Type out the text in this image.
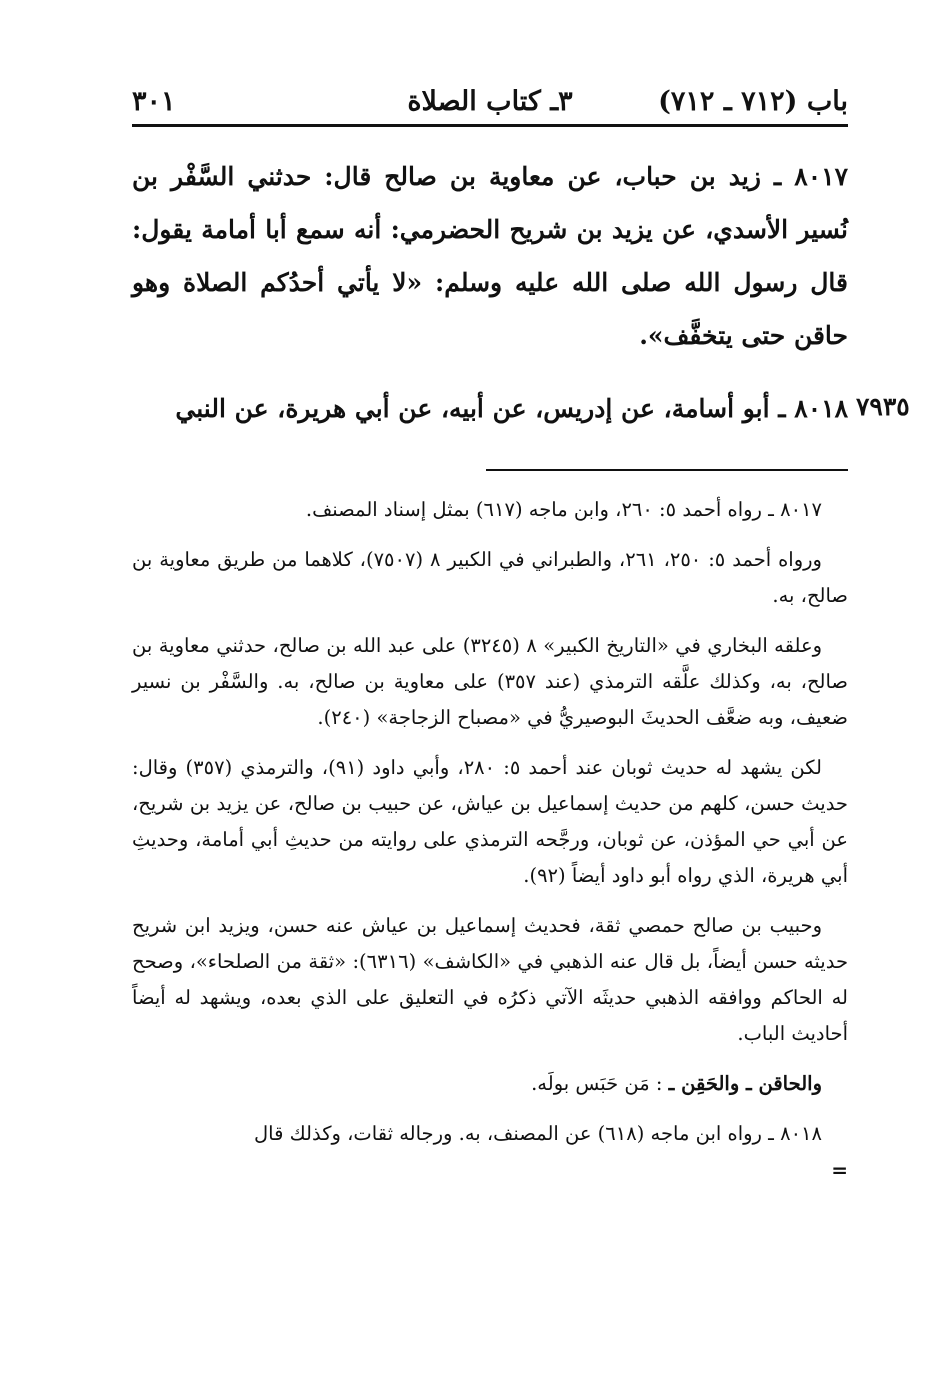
باب (٧١٢ ـ ٧١٢)
٣ـ كتاب الصلاة
٣٠١

٨٠١٧ ـ زيد بن حباب، عن معاوية بن صالح قال: حدثني السَّفْر بن نُسير الأسدي، عن يزيد بن شريح الحضرمي: أنه سمع أبا أمامة يقول: قال رسول الله صلى الله عليه وسلم: «لا يأتي أحدُكم الصلاة وهو حاقن حتى يتخفَّف».

٨٠١٨ ـ أبو أسامة، عن إدريس، عن أبيه، عن أبي هريرة، عن النبي ٧٩٣٥

٨٠١٧ ـ رواه أحمد ٥: ٢٦٠، وابن ماجه (٦١٧) بمثل إسناد المصنف.

ورواه أحمد ٥: ٢٥٠، ٢٦١، والطبراني في الكبير ٨ (٧٥٠٧)، كلاهما من طريق معاوية بن صالح، به.

وعلقه البخاري في «التاريخ الكبير» ٨ (٣٢٤٥) على عبد الله بن صالح، حدثني معاوية بن صالح، به، وكذلك علَّقه الترمذي (عند ٣٥٧) على معاوية بن صالح، به. والسَّفْر بن نسير ضعيف، وبه ضعَّف الحديثَ البوصيريُّ في «مصباح الزجاجة» (٢٤٠).

لكن يشهد له حديث ثوبان عند أحمد ٥: ٢٨٠، وأبي داود (٩١)، والترمذي (٣٥٧) وقال: حديث حسن، كلهم من حديث إسماعيل بن عياش، عن حبيب بن صالح، عن يزيد بن شريح، عن أبي حي المؤذن، عن ثوبان، ورجَّحه الترمذي على روايته من حديثِ أبي أمامة، وحديثِ أبي هريرة، الذي رواه أبو داود أيضاً (٩٢).

وحبيب بن صالح حمصي ثقة، فحديث إسماعيل بن عياش عنه حسن، ويزيد ابن شريح حديثه حسن أيضاً، بل قال عنه الذهبي في «الكاشف» (٦٣١٦): «ثقة من الصلحاء»، وصحح له الحاكم ووافقه الذهبي حديثَه الآتي ذكرُه في التعليق على الذي بعده، ويشهد له أيضاً أحاديث الباب.

والحاقن ـ والحَقِن ـ : مَن حَبَس بولَه.

٨٠١٨ ـ رواه ابن ماجه (٦١٨) عن المصنف، به. ورجاله ثقات، وكذلك قال

=
